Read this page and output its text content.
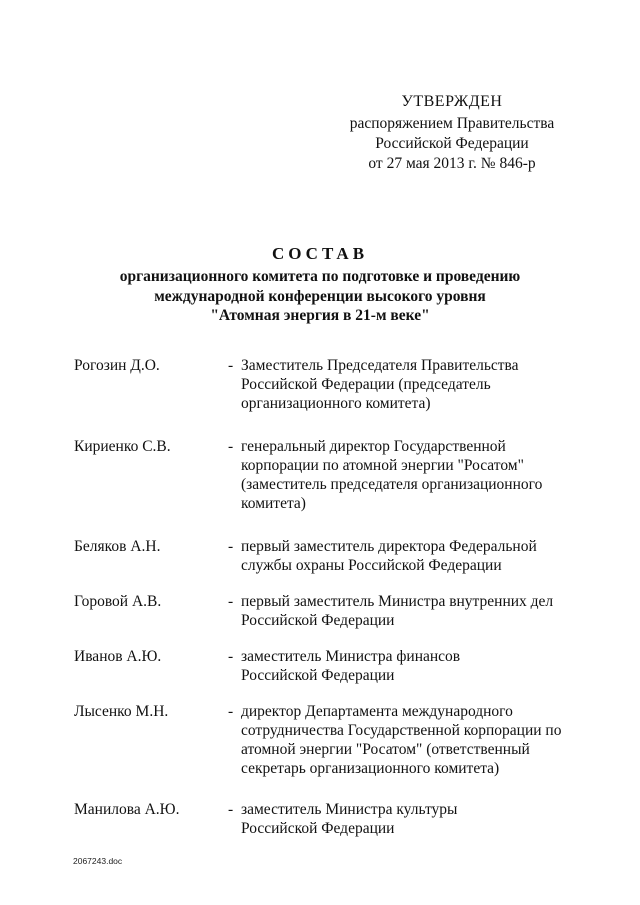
УТВЕРЖДЕН
распоряжением Правительства
Российской Федерации
от 27 мая 2013 г. № 846-р
СОСТАВ
организационного комитета по подготовке и проведению
международной конференции высокого уровня
"Атомная энергия в 21-м веке"
Рогозин Д.О.	- Заместитель Председателя Правительства
Российской Федерации (председатель
организационного комитета)
Кириенко С.В.	- генеральный директор Государственной
корпорации по атомной энергии "Росатом"
(заместитель председателя организационного
комитета)
Беляков А.Н.	- первый заместитель директора Федеральной
службы охраны Российской Федерации
Горовой А.В.	- первый заместитель Министра внутренних дел
Российской Федерации
Иванов А.Ю.	- заместитель Министра финансов
Российской Федерации
Лысенко М.Н.	- директор Департамента международного
сотрудничества Государственной корпорации по
атомной энергии "Росатом" (ответственный
секретарь организационного комитета)
Манилова А.Ю.	- заместитель Министра культуры
Российской Федерации
2067243.doc
